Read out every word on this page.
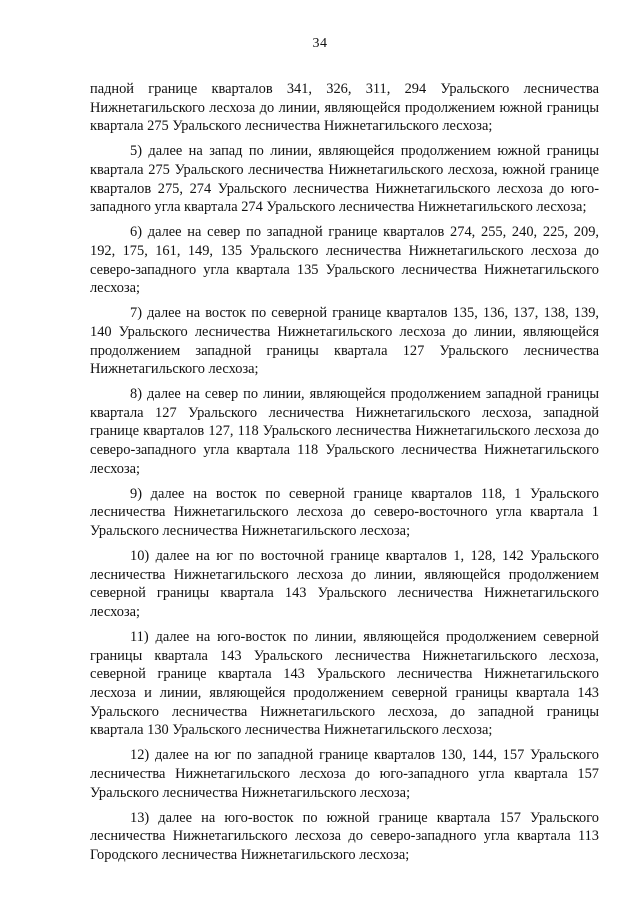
34

падной границе кварталов 341, 326, 311, 294 Уральского лесничества Нижнетагильского лесхоза до линии, являющейся продолжением южной границы квартала 275 Уральского лесничества Нижнетагильского лесхоза;

5) далее на запад по линии, являющейся продолжением южной границы квартала 275 Уральского лесничества Нижнетагильского лесхоза, южной границе кварталов 275, 274 Уральского лесничества Нижнетагильского лесхоза до юго-западного угла квартала 274 Уральского лесничества Нижнетагильского лесхоза;

6) далее на север по западной границе кварталов 274, 255, 240, 225, 209, 192, 175, 161, 149, 135 Уральского лесничества Нижнетагильского лесхоза до северо-западного угла квартала 135 Уральского лесничества Нижнетагильского лесхоза;

7) далее на восток по северной границе кварталов 135, 136, 137, 138, 139, 140 Уральского лесничества Нижнетагильского лесхоза до линии, являющейся продолжением западной границы квартала 127 Уральского лесничества Нижнетагильского лесхоза;

8) далее на север по линии, являющейся продолжением западной границы квартала 127 Уральского лесничества Нижнетагильского лесхоза, западной границе кварталов 127, 118 Уральского лесничества Нижнетагильского лесхоза до северо-западного угла квартала 118 Уральского лесничества Нижнетагильского лесхоза;

9) далее на восток по северной границе кварталов 118, 1 Уральского лесничества Нижнетагильского лесхоза до северо-восточного угла квартала 1 Уральского лесничества Нижнетагильского лесхоза;

10) далее на юг по восточной границе кварталов 1, 128, 142 Уральского лесничества Нижнетагильского лесхоза до линии, являющейся продолжением северной границы квартала 143 Уральского лесничества Нижнетагильского лесхоза;

11) далее на юго-восток по линии, являющейся продолжением северной границы квартала 143 Уральского лесничества Нижнетагильского лесхоза, северной границе квартала 143 Уральского лесничества Нижнетагильского лесхоза и линии, являющейся продолжением северной границы квартала 143 Уральского лесничества Нижнетагильского лесхоза, до западной границы квартала 130 Уральского лесничества Нижнетагильского лесхоза;

12) далее на юг по западной границе кварталов 130, 144, 157 Уральского лесничества Нижнетагильского лесхоза до юго-западного угла квартала 157 Уральского лесничества Нижнетагильского лесхоза;

13) далее на юго-восток по южной границе квартала 157 Уральского лесничества Нижнетагильского лесхоза до северо-западного угла квартала 113 Городского лесничества Нижнетагильского лесхоза;
